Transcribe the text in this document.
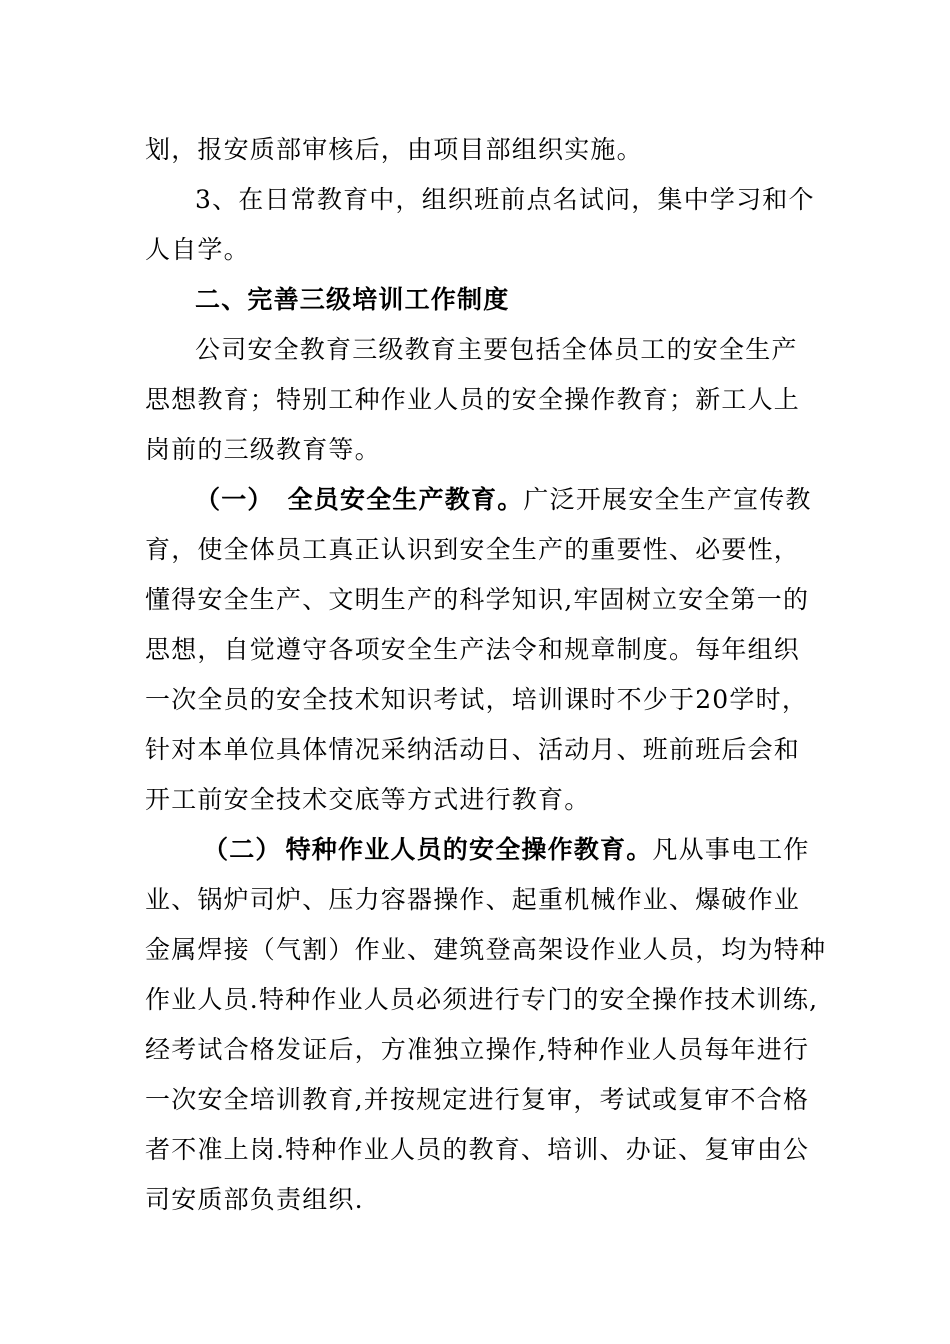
划，报安质部审核后，由项目部组织实施。
3、在日常教育中，组织班前点名试问，集中学习和个
人自学。
二、完善三级培训工作制度
公司安全教育三级教育主要包括全体员工的安全生产
思想教育；特别工种作业人员的安全操作教育；新工人上
岗前的三级教育等。
（一） 全员安全生产教育。广泛开展安全生产宣传教
育，使全体员工真正认识到安全生产的重要性、必要性，
懂得安全生产、文明生产的科学知识,牢固树立安全第一的
思想，自觉遵守各项安全生产法令和规章制度。每年组织
一次全员的安全技术知识考试，培训课时不少于20学时，
针对本单位具体情况采纳活动日、活动月、班前班后会和
开工前安全技术交底等方式进行教育。
（二） 特种作业人员的安全操作教育。凡从事电工作
业、锅炉司炉、压力容器操作、起重机械作业、爆破作业
金属焊接（气割）作业、建筑登高架设作业人员，均为特种
作业人员.特种作业人员必须进行专门的安全操作技术训练,
经考试合格发证后，方准独立操作,特种作业人员每年进行
一次安全培训教育,并按规定进行复审，考试或复审不合格
者不准上岗.特种作业人员的教育、培训、办证、复审由公
司安质部负责组织.
